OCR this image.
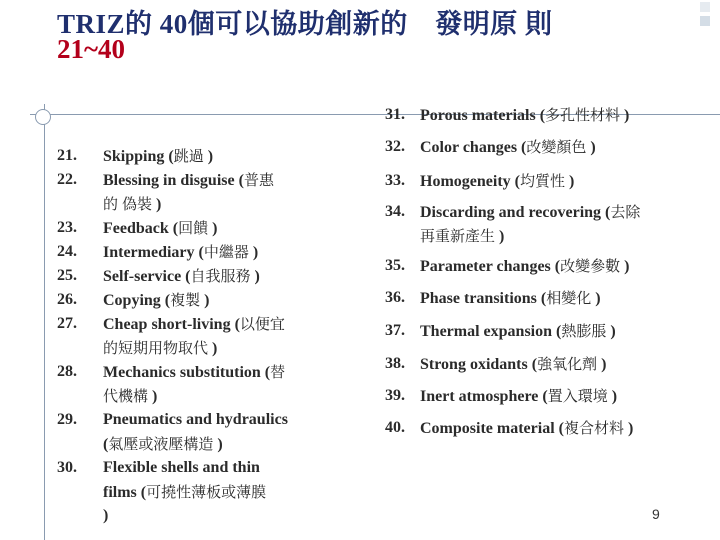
TRIZ的 40個可以協助創新的　發明原 則
21~40
21.	Skipping (跳過 )
22.	Blessing in disguise (普惠
的 偽裝 )
23.	Feedback (回饋 )
24.	Intermediary (中繼器 )
25.	Self-service (自我服務 )
26.	Copying (複製 )
27.	Cheap short-living (以便宜
的短期用物取代 )
28.	Mechanics substitution (替
代機構 )
29.	Pneumatics and hydraulics
(氣壓或液壓構造 )
30.	Flexible shells and thin
films (可撓性薄板或薄膜
)
31. Porous materials (多孔性材料 )
32. Color changes (改變顏色 )
33. Homogeneity (均質性 )
34. Discarding and recovering (去除
再重新產生 )
35. Parameter changes (改變參數 )
36. Phase transitions (相變化 )
37. Thermal expansion (熱膨脹 )
38. Strong oxidants (強氧化劑 )
39. Inert atmosphere (置入環境 )
40. Composite material (複合材料 )
9
